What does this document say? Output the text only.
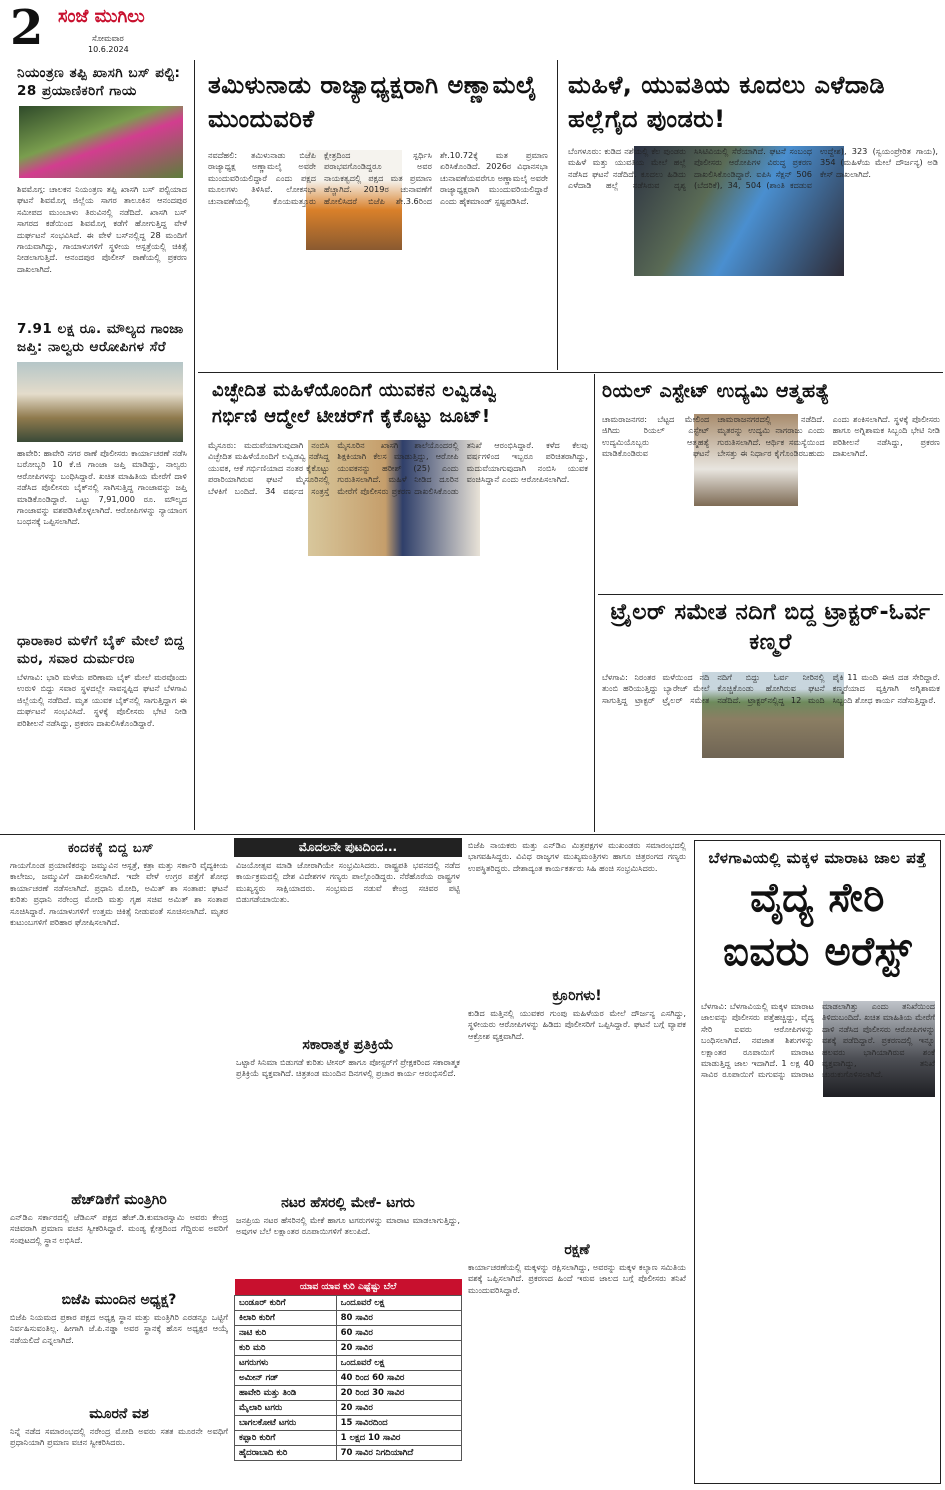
2 ಸಂಜೆ ಮುಗಿಲು
ಸೋಮವಾರ
10.6.2024
ನಿಯಂತ್ರಣ ತಪ್ಪಿ ಖಾಸಗಿ ಬಸ್ ಪಲ್ಟಿ: 28 ಪ್ರಯಾಣಿಕರಿಗೆ ಗಾಯ
ಶಿವಮೊಗ್ಗ: ಚಾಲಕನ ನಿಯಂತ್ರಣ ತಪ್ಪಿ ಖಾಸಗಿ ಬಸ್ ಪಲ್ಟಿಯಾದ ಘಟನೆ ಶಿವಮೊಗ್ಗ ಜಿಲ್ಲೆಯ ಸಾಗರ ತಾಲೂಕಿನ ಆನಂದಪುರ ಸಮೀಪದ ಮುಂಬಾಳು ತಿರುವಿನಲ್ಲಿ ನಡೆದಿದೆ. ಖಾಸಗಿ ಬಸ್ ಸಾಗರದ ಕಡೆಯಿಂದ ಶಿವಮೊಗ್ಗ ಕಡೆಗೆ ಹೋಗುತ್ತಿದ್ದ ವೇಳೆ ದುರ್ಘಟನೆ ಸಂಭವಿಸಿದೆ. ಈ ವೇಳೆ ಬಸ್‌ನಲ್ಲಿದ್ದ 28 ಮಂದಿಗೆ ಗಾಯವಾಗಿದ್ದು, ಗಾಯಾಳುಗಳಿಗೆ ಸ್ಥಳೀಯ ಆಸ್ಪತ್ರೆಯಲ್ಲಿ ಚಿಕಿತ್ಸೆ ನೀಡಲಾಗುತ್ತಿದೆ. ಆನಂದಪುರ ಪೊಲೀಸ್ ಠಾಣೆಯಲ್ಲಿ ಪ್ರಕರಣ ದಾಖಲಾಗಿದೆ.
7.91 ಲಕ್ಷ ರೂ. ಮೌಲ್ಯದ ಗಾಂಜಾ ಜಪ್ತಿ: ನಾಲ್ವರು ಆರೋಪಿಗಳ ಸೆರೆ
ಹಾವೇರಿ: ಹಾವೇರಿ ನಗರ ಠಾಣೆ ಪೊಲೀಸರು ಕಾರ್ಯಾಚರಣೆ ನಡೆಸಿ ಬರೋಬ್ಬರಿ 10 ಕೆ.ಜಿ ಗಾಂಜಾ ಜಪ್ತಿ ಮಾಡಿದ್ದು, ನಾಲ್ವರು ಆರೋಪಿಗಳನ್ನು ಬಂಧಿಸಿದ್ದಾರೆ. ಖಚಿತ ಮಾಹಿತಿಯ ಮೇರೆಗೆ ದಾಳಿ ನಡೆಸಿದ ಪೊಲೀಸರು ಬೈಕ್‌ನಲ್ಲಿ ಸಾಗಿಸುತ್ತಿದ್ದ ಗಾಂಜಾವನ್ನು ಜಪ್ತಿ ಮಾಡಿಕೊಂಡಿದ್ದಾರೆ. ಒಟ್ಟು 7,91,000 ರೂ. ಮೌಲ್ಯದ ಗಾಂಜಾವನ್ನು ವಶಪಡಿಸಿಕೊಳ್ಳಲಾಗಿದೆ. ಆರೋಪಿಗಳನ್ನು ನ್ಯಾಯಾಂಗ ಬಂಧನಕ್ಕೆ ಒಪ್ಪಿಸಲಾಗಿದೆ.
ಧಾರಾಕಾರ ಮಳೆಗೆ ಬೈಕ್ ಮೇಲೆ ಬಿದ್ದ ಮರ, ಸವಾರ ದುರ್ಮರಣ
ಬೆಳಗಾವಿ: ಭಾರಿ ಮಳೆಯ ಪರಿಣಾಮ ಬೈಕ್ ಮೇಲೆ ಮರವೊಂದು ಉರುಳಿ ಬಿದ್ದು ಸವಾರ ಸ್ಥಳದಲ್ಲೇ ಸಾವನ್ನಪ್ಪಿದ ಘಟನೆ ಬೆಳಗಾವಿ ಜಿಲ್ಲೆಯಲ್ಲಿ ನಡೆದಿದೆ. ಮೃತ ಯುವಕ ಬೈಕ್‌ನಲ್ಲಿ ಸಾಗುತ್ತಿದ್ದಾಗ ಈ ದುರ್ಘಟನೆ ಸಂಭವಿಸಿದೆ. ಸ್ಥಳಕ್ಕೆ ಪೊಲೀಸರು ಭೇಟಿ ನೀಡಿ ಪರಿಶೀಲನೆ ನಡೆಸಿದ್ದು, ಪ್ರಕರಣ ದಾಖಲಿಸಿಕೊಂಡಿದ್ದಾರೆ.
ತಮಿಳುನಾಡು ರಾಜ್ಯಾಧ್ಯಕ್ಷರಾಗಿ ಅಣ್ಣಾಮಲೈ ಮುಂದುವರಿಕೆ
ನವದೆಹಲಿ: ತಮಿಳುನಾಡು ಬಿಜೆಪಿ ರಾಜ್ಯಾಧ್ಯಕ್ಷ ಅಣ್ಣಾಮಲೈ ಅವರೇ ಮುಂದುವರಿಯಲಿದ್ದಾರೆ ಎಂದು ಪಕ್ಷದ ಮೂಲಗಳು ತಿಳಿಸಿವೆ. ಲೋಕಸಭಾ ಚುನಾವಣೆಯಲ್ಲಿ ಕೊಯಮತ್ತೂರು ಕ್ಷೇತ್ರದಿಂದ ಸ್ಪರ್ಧಿಸಿ ಪರಾಭವಗೊಂಡಿದ್ದರೂ ಅವರ ನಾಯಕತ್ವದಲ್ಲಿ ಪಕ್ಷದ ಮತ ಪ್ರಮಾಣ ಹೆಚ್ಚಾಗಿದೆ. 2019ರ ಚುನಾವಣೆಗೆ ಹೋಲಿಸಿದರೆ ಬಿಜೆಪಿ ಶೇ.3.6ರಿಂದ ಶೇ.10.72ಕ್ಕೆ ಮತ ಪ್ರಮಾಣ ಏರಿಸಿಕೊಂಡಿದೆ. 2026ರ ವಿಧಾನಸಭಾ ಚುನಾವಣೆಯವರೆಗೂ ಅಣ್ಣಾಮಲೈ ಅವರೇ ರಾಜ್ಯಾಧ್ಯಕ್ಷರಾಗಿ ಮುಂದುವರಿಯಲಿದ್ದಾರೆ ಎಂದು ಹೈಕಮಾಂಡ್ ಸ್ಪಷ್ಟಪಡಿಸಿದೆ.
ಮಹಿಳೆ, ಯುವತಿಯ ಕೂದಲು ಎಳೆದಾಡಿ ಹಲ್ಲೆಗೈದ ಪುಂಡರು!
ಬೆಂಗಳೂರು: ಕುಡಿದ ನಶೆಯಲ್ಲಿ ಕೆಲ ಪುಂಡರು ಮಹಿಳೆ ಮತ್ತು ಯುವತಿಯ ಮೇಲೆ ಹಲ್ಲೆ ನಡೆಸಿದ ಘಟನೆ ನಡೆದಿದೆ. ಕೂದಲು ಹಿಡಿದು ಎಳೆದಾಡಿ ಹಲ್ಲೆ ನಡೆಸಿರುವ ದೃಶ್ಯ ಸಿಸಿಟಿವಿಯಲ್ಲಿ ಸೆರೆಯಾಗಿದೆ. ಘಟನೆ ಸಂಬಂಧ ಪೊಲೀಸರು ಆರೋಪಿಗಳ ವಿರುದ್ಧ ಪ್ರಕರಣ ದಾಖಲಿಸಿಕೊಂಡಿದ್ದಾರೆ. ಐಪಿಸಿ ಸೆಕ್ಷನ್ 506 (ಬೆದರಿಕೆ), 34, 504 (ಶಾಂತಿ ಕದಡುವ ಉದ್ದೇಶ), 323 (ಸ್ವಯಂಪ್ರೇರಿತ ಗಾಯ), 354 (ಮಹಿಳೆಯ ಮೇಲೆ ದೌರ್ಜನ್ಯ) ಅಡಿ ಕೇಸ್ ದಾಖಲಾಗಿದೆ.
ವಿಚ್ಛೇದಿತ ಮಹಿಳೆಯೊಂದಿಗೆ ಯುವಕನ ಲವ್ವಿಡವ್ವಿ
ಗರ್ಭಿಣಿ ಆದ್ಮೇಲೆ ಟೀಚರ್‌ಗೆ ಕೈಕೊಟ್ಟು ಜೂಟ್!
ಮೈಸೂರು: ಮದುವೆಯಾಗುವುದಾಗಿ ನಂಬಿಸಿ ವಿಚ್ಛೇದಿತ ಮಹಿಳೆಯೊಂದಿಗೆ ಲವ್ವಿಡವ್ವಿ ನಡೆಸಿದ್ದ ಯುವಕ, ಆಕೆ ಗರ್ಭಿಣಿಯಾದ ನಂತರ ಕೈಕೊಟ್ಟು ಪರಾರಿಯಾಗಿರುವ ಘಟನೆ ಮೈಸೂರಿನಲ್ಲಿ ಬೆಳಕಿಗೆ ಬಂದಿದೆ. 34 ವರ್ಷದ ಸಂತ್ರಸ್ತೆ ಮೈಸೂರಿನ ಖಾಸಗಿ ಶಾಲೆಯೊಂದರಲ್ಲಿ ಶಿಕ್ಷಕಿಯಾಗಿ ಕೆಲಸ ಮಾಡುತ್ತಿದ್ದು, ಆರೋಪಿ ಯುವಕನನ್ನು ಹರೀಶ್ (25) ಎಂದು ಗುರುತಿಸಲಾಗಿದೆ. ಮಹಿಳೆ ನೀಡಿದ ದೂರಿನ ಮೇರೆಗೆ ಪೊಲೀಸರು ಪ್ರಕರಣ ದಾಖಲಿಸಿಕೊಂಡು ತನಿಖೆ ಆರಂಭಿಸಿದ್ದಾರೆ. ಕಳೆದ ಕೆಲವು ವರ್ಷಗಳಿಂದ ಇಬ್ಬರೂ ಪರಿಚಿತರಾಗಿದ್ದು, ಮದುವೆಯಾಗುವುದಾಗಿ ನಂಬಿಸಿ ಯುವಕ ವಂಚಿಸಿದ್ದಾನೆ ಎಂದು ಆರೋಪಿಸಲಾಗಿದೆ.
ರಿಯಲ್ ಎಸ್ಟೇಟ್ ಉದ್ಯಮಿ ಆತ್ಮಹತ್ಯೆ
ಚಾಮರಾಜನಗರ: ಬೆಟ್ಟದ ಮೇಲಿಂದ ಜಿಗಿದು ರಿಯಲ್ ಎಸ್ಟೇಟ್ ಉದ್ಯಮಿಯೊಬ್ಬರು ಆತ್ಮಹತ್ಯೆ ಮಾಡಿಕೊಂಡಿರುವ ಘಟನೆ ಚಾಮರಾಜನಗರದಲ್ಲಿ ನಡೆದಿದೆ. ಮೃತರನ್ನು ಉದ್ಯಮಿ ನಾಗರಾಜು ಎಂದು ಗುರುತಿಸಲಾಗಿದೆ. ಆರ್ಥಿಕ ಸಮಸ್ಯೆಯಿಂದ ಬೇಸತ್ತು ಈ ನಿರ್ಧಾರ ಕೈಗೊಂಡಿರಬಹುದು ಎಂದು ಶಂಕಿಸಲಾಗಿದೆ. ಸ್ಥಳಕ್ಕೆ ಪೊಲೀಸರು ಹಾಗೂ ಅಗ್ನಿಶಾಮಕ ಸಿಬ್ಬಂದಿ ಭೇಟಿ ನೀಡಿ ಪರಿಶೀಲನೆ ನಡೆಸಿದ್ದು, ಪ್ರಕರಣ ದಾಖಲಾಗಿದೆ.
ಟ್ರೈಲರ್ ಸಮೇತ ನದಿಗೆ ಬಿದ್ದ ಟ್ರಾಕ್ಟರ್-ಓರ್ವ ಕಣ್ಮರೆ
ಬೆಳಗಾವಿ: ನಿರಂತರ ಮಳೆಯಿಂದ ನದಿ ತುಂಬಿ ಹರಿಯುತ್ತಿದ್ದು ಬ್ಯಾರೇಜ್ ಮೇಲೆ ಸಾಗುತ್ತಿದ್ದ ಟ್ರಾಕ್ಟರ್ ಟ್ರೈಲರ್ ಸಮೇತ ನದಿಗೆ ಬಿದ್ದು ಓರ್ವ ನೀರಿನಲ್ಲಿ ಕೊಚ್ಚಿಕೊಂಡು ಹೋಗಿರುವ ಘಟನೆ ನಡೆದಿದೆ. ಟ್ರಾಕ್ಟರ್‌ನಲ್ಲಿದ್ದ 12 ಮಂದಿ ಪೈಕಿ 11 ಮಂದಿ ಈಜಿ ದಡ ಸೇರಿದ್ದಾರೆ. ಕಣ್ಮರೆಯಾದ ವ್ಯಕ್ತಿಗಾಗಿ ಅಗ್ನಿಶಾಮಕ ಸಿಬ್ಬಂದಿ ಶೋಧ ಕಾರ್ಯ ನಡೆಸುತ್ತಿದ್ದಾರೆ.
ಕಂದಕಕ್ಕೆ ಬಿದ್ದ ಬಸ್
ಗಾಯಗೊಂಡ ಪ್ರಯಾಣಿಕರನ್ನು ಜಮ್ಮುವಿನ ಆಸ್ಪತ್ರೆ, ಕತ್ರಾ ಮತ್ತು ಸರ್ಕಾರಿ ವೈದ್ಯಕೀಯ ಕಾಲೇಜು, ಜಮ್ಮುವಿಗೆ ದಾಖಲಿಸಲಾಗಿದೆ. ಇದೇ ವೇಳೆ ಉಗ್ರರ ಪತ್ತೆಗೆ ಶೋಧ ಕಾರ್ಯಾಚರಣೆ ನಡೆಸಲಾಗಿದೆ. ಪ್ರಧಾನಿ ಮೋದಿ, ಅಮಿತ್ ಶಾ ಸಂತಾಪ: ಘಟನೆ ಕುರಿತು ಪ್ರಧಾನಿ ನರೇಂದ್ರ ಮೋದಿ ಮತ್ತು ಗೃಹ ಸಚಿವ ಅಮಿತ್ ಶಾ ಸಂತಾಪ ಸೂಚಿಸಿದ್ದಾರೆ. ಗಾಯಾಳುಗಳಿಗೆ ಉತ್ತಮ ಚಿಕಿತ್ಸೆ ನೀಡುವಂತೆ ಸೂಚಿಸಲಾಗಿದೆ. ಮೃತರ ಕುಟುಂಬಗಳಿಗೆ ಪರಿಹಾರ ಘೋಷಿಸಲಾಗಿದೆ.
ಹೆಚ್‌ಡಿಕೆಗೆ ಮಂತ್ರಿಗಿರಿ
ಎನ್‌ಡಿಎ ಸರ್ಕಾರದಲ್ಲಿ ಜೆಡಿಎಸ್ ಪಕ್ಷದ ಹೆಚ್.ಡಿ.ಕುಮಾರಸ್ವಾಮಿ ಅವರು ಕೇಂದ್ರ ಸಚಿವರಾಗಿ ಪ್ರಮಾಣ ವಚನ ಸ್ವೀಕರಿಸಿದ್ದಾರೆ. ಮಂಡ್ಯ ಕ್ಷೇತ್ರದಿಂದ ಗೆದ್ದಿರುವ ಅವರಿಗೆ ಸಂಪುಟದಲ್ಲಿ ಸ್ಥಾನ ಲಭಿಸಿದೆ.
ಬಿಜೆಪಿ ಮುಂದಿನ ಅಧ್ಯಕ್ಷ?
ಬಿಜೆಪಿ ನಿಯಮದ ಪ್ರಕಾರ ಪಕ್ಷದ ಅಧ್ಯಕ್ಷ ಸ್ಥಾನ ಮತ್ತು ಮಂತ್ರಿಗಿರಿ ಎರಡನ್ನೂ ಒಟ್ಟಿಗೆ ನಿರ್ವಹಿಸುವಂತಿಲ್ಲ. ಹೀಗಾಗಿ ಜೆ.ಪಿ.ನಡ್ಡಾ ಅವರ ಸ್ಥಾನಕ್ಕೆ ಹೊಸ ಅಧ್ಯಕ್ಷರ ಆಯ್ಕೆ ನಡೆಯಲಿದೆ ಎನ್ನಲಾಗಿದೆ.
ಮೂರನೆ ವಶ
ನಿನ್ನೆ ನಡೆದ ಸಮಾರಂಭದಲ್ಲಿ ನರೇಂದ್ರ ಮೋದಿ ಅವರು ಸತತ ಮೂರನೇ ಅವಧಿಗೆ ಪ್ರಧಾನಿಯಾಗಿ ಪ್ರಮಾಣ ವಚನ ಸ್ವೀಕರಿಸಿದರು.
ಮೊದಲನೇ ಪುಟದಿಂದ...
ವಿಜಯೋತ್ಸವ ಮಾಡಿ ಜೋರಾಗಿಯೇ ಸಂಭ್ರಮಿಸಿದರು. ರಾಷ್ಟ್ರಪತಿ ಭವನದಲ್ಲಿ ನಡೆದ ಕಾರ್ಯಕ್ರಮದಲ್ಲಿ ದೇಶ ವಿದೇಶಗಳ ಗಣ್ಯರು ಪಾಲ್ಗೊಂಡಿದ್ದರು. ನೆರೆಹೊರೆಯ ರಾಷ್ಟ್ರಗಳ ಮುಖ್ಯಸ್ಥರು ಸಾಕ್ಷಿಯಾದರು. ಸಂಭ್ರಮದ ನಡುವೆ ಕೇಂದ್ರ ಸಚಿವರ ಪಟ್ಟಿ ಬಿಡುಗಡೆಯಾಯಿತು.
ಸಕಾರಾತ್ಮಕ ಪ್ರತಿಕ್ರಿಯೆ
ಒಟ್ಟಾರೆ ಸಿನಿಮಾ ಬಿಡುಗಡೆ ಕುರಿತು ಟೀಸರ್ ಹಾಗೂ ಪೋಸ್ಟರ್‌ಗೆ ಪ್ರೇಕ್ಷಕರಿಂದ ಸಕಾರಾತ್ಮಕ ಪ್ರತಿಕ್ರಿಯೆ ವ್ಯಕ್ತವಾಗಿದೆ. ಚಿತ್ರತಂಡ ಮುಂದಿನ ದಿನಗಳಲ್ಲಿ ಪ್ರಚಾರ ಕಾರ್ಯ ಆರಂಭಿಸಲಿದೆ.
ನಟರ ಹೆಸರಲ್ಲಿ ಮೇಕೆ- ಟಗರು
ಜನಪ್ರಿಯ ನಟರ ಹೆಸರಿನಲ್ಲಿ ಮೇಕೆ ಹಾಗೂ ಟಗರುಗಳನ್ನು ಮಾರಾಟ ಮಾಡಲಾಗುತ್ತಿದ್ದು, ಅವುಗಳ ಬೆಲೆ ಲಕ್ಷಾಂತರ ರೂಪಾಯಿಗಳಿಗೆ ತಲುಪಿದೆ.
ಯಾವ ಯಾವ ಕುರಿ ಎಷ್ಟೆಷ್ಟು ಬೆಲೆ	
ಬಂಡೂರ್ ಕುರಿಗೆ	ಒಂದೂವರೆ ಲಕ್ಷ
ಕಿಲಾರಿ ಕುರಿಗೆ	80 ಸಾವಿರ
ನಾಟಿ ಕುರಿ	60 ಸಾವಿರ
ಕುರಿ ಮರಿ	20 ಸಾವಿರ
ಟಗರುಗಳು	ಒಂದೂವರೆ ಲಕ್ಷ
ಅಮೀನ್ ಗಡ್	40 ರಿಂದ 60 ಸಾವಿರ
ಹಾವೇರಿ ಮತ್ತು ತಿಂಡಿ	20 ರಿಂದ 30 ಸಾವಿರ
ಮೈಲಾರಿ ಟಗರು	20 ಸಾವಿರ
ಬಾಗಲಕೋಟೆ ಟಗರು	15 ಸಾವಿರದಿಂದ
ಕಪ್ಪಾರಿ ಕುರಿಗೆ	1 ಲಕ್ಷದ 10 ಸಾವಿರ
ಹೈದರಾಬಾದಿ ಕುರಿ	70 ಸಾವಿರ ನಿಗದಿಯಾಗಿದೆ
ಬಿಜೆಪಿ ನಾಯಕರು ಮತ್ತು ಎನ್‌ಡಿಎ ಮಿತ್ರಪಕ್ಷಗಳ ಮುಖಂಡರು ಸಮಾರಂಭದಲ್ಲಿ ಭಾಗವಹಿಸಿದ್ದರು. ವಿವಿಧ ರಾಜ್ಯಗಳ ಮುಖ್ಯಮಂತ್ರಿಗಳು ಹಾಗೂ ಚಿತ್ರರಂಗದ ಗಣ್ಯರು ಉಪಸ್ಥಿತರಿದ್ದರು. ದೇಶಾದ್ಯಂತ ಕಾರ್ಯಕರ್ತರು ಸಿಹಿ ಹಂಚಿ ಸಂಭ್ರಮಿಸಿದರು.
ಕ್ರೂರಿಗಳು!
ಕುಡಿದ ಮತ್ತಿನಲ್ಲಿ ಯುವಕರ ಗುಂಪು ಮಹಿಳೆಯರ ಮೇಲೆ ದೌರ್ಜನ್ಯ ಎಸಗಿದ್ದು, ಸ್ಥಳೀಯರು ಆರೋಪಿಗಳನ್ನು ಹಿಡಿದು ಪೊಲೀಸರಿಗೆ ಒಪ್ಪಿಸಿದ್ದಾರೆ. ಘಟನೆ ಬಗ್ಗೆ ವ್ಯಾಪಕ ಆಕ್ರೋಶ ವ್ಯಕ್ತವಾಗಿದೆ.
ರಕ್ಷಣೆ
ಕಾರ್ಯಾಚರಣೆಯಲ್ಲಿ ಮಕ್ಕಳನ್ನು ರಕ್ಷಿಸಲಾಗಿದ್ದು, ಅವರನ್ನು ಮಕ್ಕಳ ಕಲ್ಯಾಣ ಸಮಿತಿಯ ವಶಕ್ಕೆ ಒಪ್ಪಿಸಲಾಗಿದೆ. ಪ್ರಕರಣದ ಹಿಂದೆ ಇರುವ ಜಾಲದ ಬಗ್ಗೆ ಪೊಲೀಸರು ತನಿಖೆ ಮುಂದುವರಿಸಿದ್ದಾರೆ.
ಬೆಳಗಾವಿಯಲ್ಲಿ ಮಕ್ಕಳ ಮಾರಾಟ ಜಾಲ ಪತ್ತೆ
ವೈದ್ಯ ಸೇರಿ ಐವರು ಅರೆಸ್ಟ್
ಬೆಳಗಾವಿ: ಬೆಳಗಾವಿಯಲ್ಲಿ ಮಕ್ಕಳ ಮಾರಾಟ ಜಾಲವನ್ನು ಪೊಲೀಸರು ಪತ್ತೆಹಚ್ಚಿದ್ದು, ವೈದ್ಯ ಸೇರಿ ಐವರು ಆರೋಪಿಗಳನ್ನು ಬಂಧಿಸಲಾಗಿದೆ. ನವಜಾತ ಶಿಶುಗಳನ್ನು ಲಕ್ಷಾಂತರ ರೂಪಾಯಿಗೆ ಮಾರಾಟ ಮಾಡುತ್ತಿದ್ದ ಜಾಲ ಇದಾಗಿದೆ. 1 ಲಕ್ಷ 40 ಸಾವಿರ ರೂಪಾಯಿಗೆ ಮಗುವನ್ನು ಮಾರಾಟ ಮಾಡಲಾಗಿತ್ತು ಎಂದು ತನಿಖೆಯಿಂದ ತಿಳಿದುಬಂದಿದೆ. ಖಚಿತ ಮಾಹಿತಿಯ ಮೇರೆಗೆ ದಾಳಿ ನಡೆಸಿದ ಪೊಲೀಸರು ಆರೋಪಿಗಳನ್ನು ವಶಕ್ಕೆ ಪಡೆದಿದ್ದಾರೆ. ಪ್ರಕರಣದಲ್ಲಿ ಇನ್ನೂ ಹಲವರು ಭಾಗಿಯಾಗಿರುವ ಶಂಕೆ ವ್ಯಕ್ತವಾಗಿದ್ದು, ತನಿಖೆ ಚುರುಕುಗೊಳಿಸಲಾಗಿದೆ.
